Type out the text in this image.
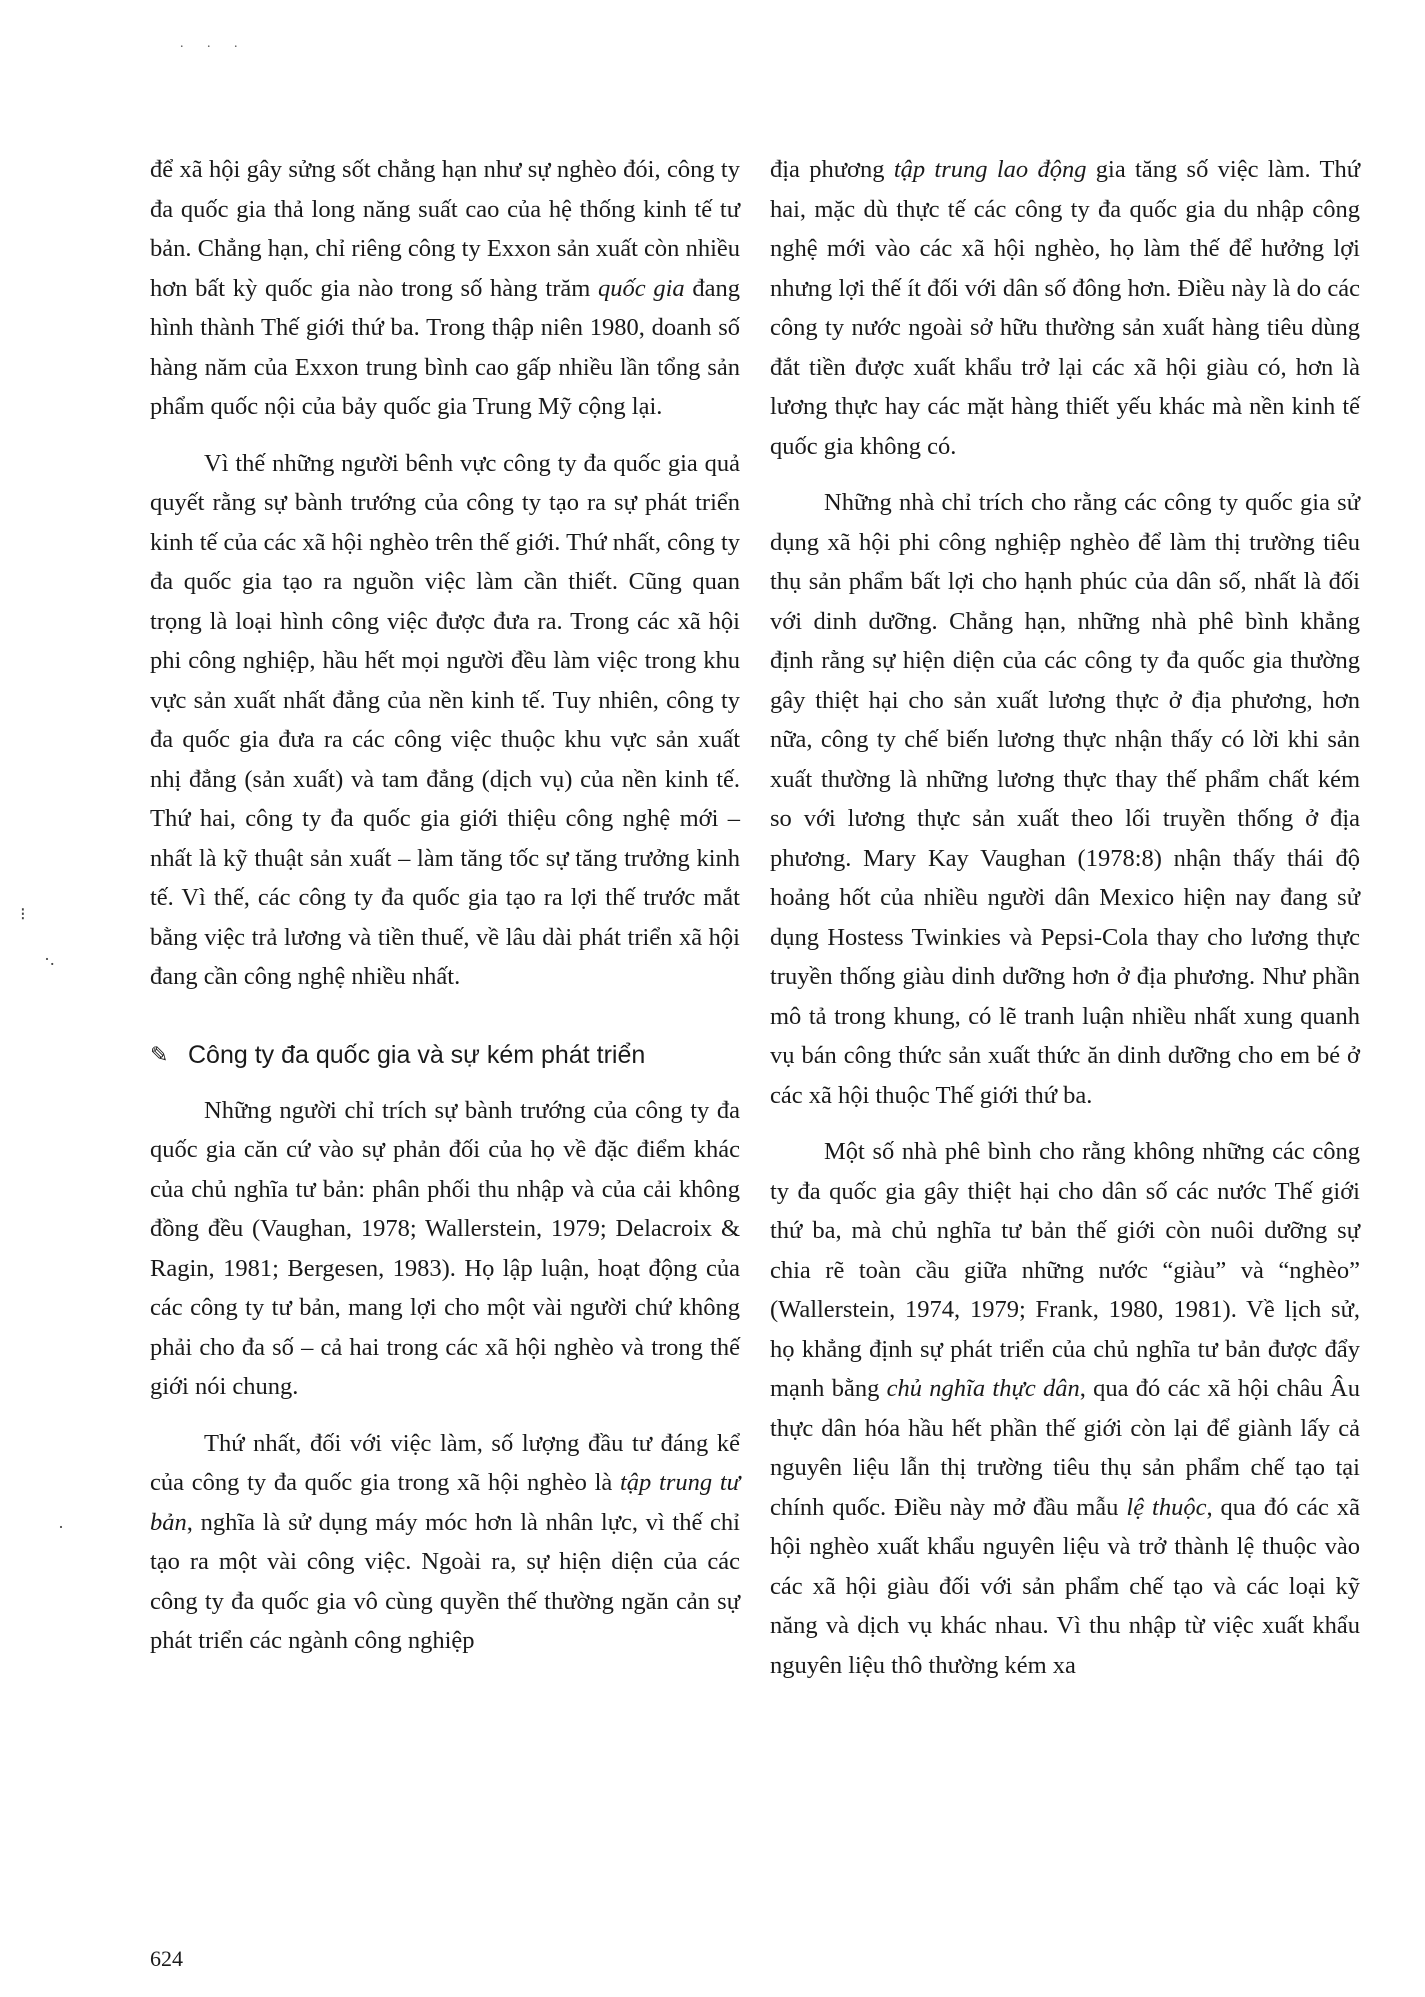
. . .
⁝
·.
·

để xã hội gây sửng sốt chẳng hạn như sự nghèo đói, công ty đa quốc gia thả long năng suất cao của hệ thống kinh tế tư bản. Chẳng hạn, chỉ riêng công ty Exxon sản xuất còn nhiều hơn bất kỳ quốc gia nào trong số hàng trăm quốc gia đang hình thành Thế giới thứ ba. Trong thập niên 1980, doanh số hàng năm của Exxon trung bình cao gấp nhiều lần tổng sản phẩm quốc nội của bảy quốc gia Trung Mỹ cộng lại.

Vì thế những người bênh vực công ty đa quốc gia quả quyết rằng sự bành trướng của công ty tạo ra sự phát triển kinh tế của các xã hội nghèo trên thế giới. Thứ nhất, công ty đa quốc gia tạo ra nguồn việc làm cần thiết. Cũng quan trọng là loại hình công việc được đưa ra. Trong các xã hội phi công nghiệp, hầu hết mọi người đều làm việc trong khu vực sản xuất nhất đẳng của nền kinh tế. Tuy nhiên, công ty đa quốc gia đưa ra các công việc thuộc khu vực sản xuất nhị đẳng (sản xuất) và tam đẳng (dịch vụ) của nền kinh tế. Thứ hai, công ty đa quốc gia giới thiệu công nghệ mới – nhất là kỹ thuật sản xuất – làm tăng tốc sự tăng trưởng kinh tế. Vì thế, các công ty đa quốc gia tạo ra lợi thế trước mắt bằng việc trả lương và tiền thuế, về lâu dài phát triển xã hội đang cần công nghệ nhiều nhất.

✎ Công ty đa quốc gia và sự kém phát triển

Những người chỉ trích sự bành trướng của công ty đa quốc gia căn cứ vào sự phản đối của họ về đặc điểm khác của chủ nghĩa tư bản: phân phối thu nhập và của cải không đồng đều (Vaughan, 1978; Wallerstein, 1979; Delacroix & Ragin, 1981; Bergesen, 1983). Họ lập luận, hoạt động của các công ty tư bản, mang lợi cho một vài người chứ không phải cho đa số – cả hai trong các xã hội nghèo và trong thế giới nói chung.

Thứ nhất, đối với việc làm, số lượng đầu tư đáng kể của công ty đa quốc gia trong xã hội nghèo là tập trung tư bản, nghĩa là sử dụng máy móc hơn là nhân lực, vì thế chỉ tạo ra một vài công việc. Ngoài ra, sự hiện diện của các công ty đa quốc gia vô cùng quyền thế thường ngăn cản sự phát triển các ngành công nghiệp

địa phương tập trung lao động gia tăng số việc làm. Thứ hai, mặc dù thực tế các công ty đa quốc gia du nhập công nghệ mới vào các xã hội nghèo, họ làm thế để hưởng lợi nhưng lợi thế ít đối với dân số đông hơn. Điều này là do các công ty nước ngoài sở hữu thường sản xuất hàng tiêu dùng đắt tiền được xuất khẩu trở lại các xã hội giàu có, hơn là lương thực hay các mặt hàng thiết yếu khác mà nền kinh tế quốc gia không có.

Những nhà chỉ trích cho rằng các công ty quốc gia sử dụng xã hội phi công nghiệp nghèo để làm thị trường tiêu thụ sản phẩm bất lợi cho hạnh phúc của dân số, nhất là đối với dinh dưỡng. Chẳng hạn, những nhà phê bình khẳng định rằng sự hiện diện của các công ty đa quốc gia thường gây thiệt hại cho sản xuất lương thực ở địa phương, hơn nữa, công ty chế biến lương thực nhận thấy có lời khi sản xuất thường là những lương thực thay thế phẩm chất kém so với lương thực sản xuất theo lối truyền thống ở địa phương. Mary Kay Vaughan (1978:8) nhận thấy thái độ hoảng hốt của nhiều người dân Mexico hiện nay đang sử dụng Hostess Twinkies và Pepsi-Cola thay cho lương thực truyền thống giàu dinh dưỡng hơn ở địa phương. Như phần mô tả trong khung, có lẽ tranh luận nhiều nhất xung quanh vụ bán công thức sản xuất thức ăn dinh dưỡng cho em bé ở các xã hội thuộc Thế giới thứ ba.

Một số nhà phê bình cho rằng không những các công ty đa quốc gia gây thiệt hại cho dân số các nước Thế giới thứ ba, mà chủ nghĩa tư bản thế giới còn nuôi dưỡng sự chia rẽ toàn cầu giữa những nước “giàu” và “nghèo” (Wallerstein, 1974, 1979; Frank, 1980, 1981). Về lịch sử, họ khẳng định sự phát triển của chủ nghĩa tư bản được đẩy mạnh bằng chủ nghĩa thực dân, qua đó các xã hội châu Âu thực dân hóa hầu hết phần thế giới còn lại để giành lấy cả nguyên liệu lẫn thị trường tiêu thụ sản phẩm chế tạo tại chính quốc. Điều này mở đầu mẫu lệ thuộc, qua đó các xã hội nghèo xuất khẩu nguyên liệu và trở thành lệ thuộc vào các xã hội giàu đối với sản phẩm chế tạo và các loại kỹ năng và dịch vụ khác nhau. Vì thu nhập từ việc xuất khẩu nguyên liệu thô thường kém xa

624
